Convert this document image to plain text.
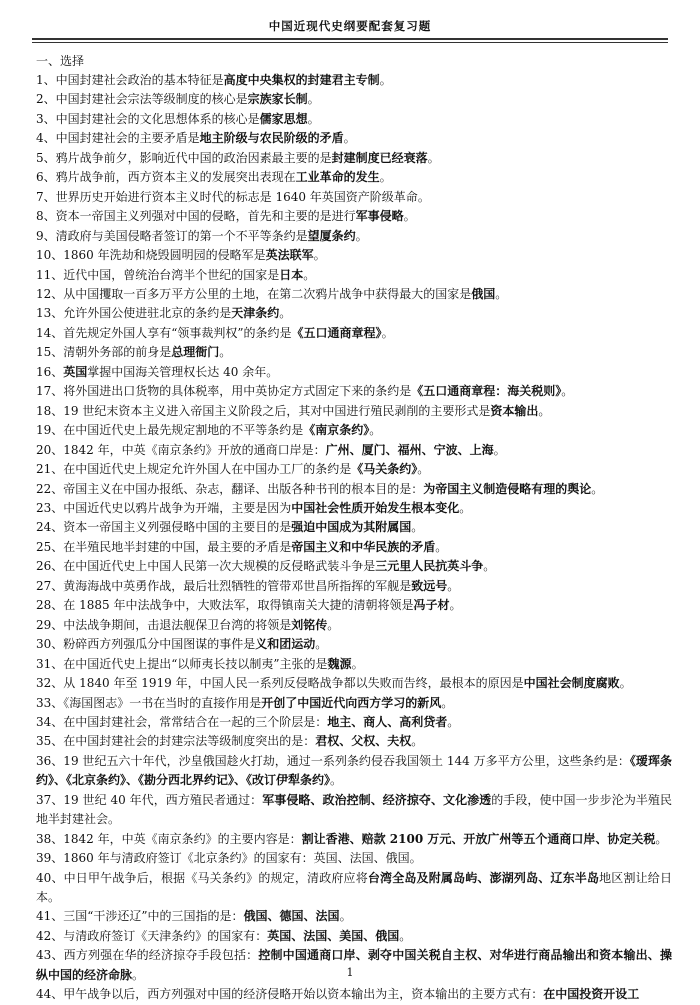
中国近现代史纲要配套复习题
一、选择
1、中国封建社会政治的基本特征是高度中央集权的封建君主专制。
2、中国封建社会宗法等级制度的核心是宗族家长制。
3、中国封建社会的文化思想体系的核心是儒家思想。
4、中国封建社会的主要矛盾是地主阶级与农民阶级的矛盾。
5、鸦片战争前夕，影响近代中国的政治因素最主要的是封建制度已经衰落。
6、鸦片战争前，西方资本主义的发展突出表现在工业革命的发生。
7、世界历史开始进行资本主义时代的标志是 1640 年英国资产阶级革命。
8、资本一帝国主义列强对中国的侵略，首先和主要的是进行军事侵略。
9、清政府与美国侵略者签订的第一个不平等条约是望厦条约。
10、1860 年洗劫和烧毁圆明园的侵略军是英法联军。
11、近代中国，曾统治台湾半个世纪的国家是日本。
12、从中国攫取一百多万平方公里的土地，在第二次鸦片战争中获得最大的国家是俄国。
13、允许外国公使进驻北京的条约是天津条约。
14、首先规定外国人享有“领事裁判权”的条约是《五口通商章程》。
15、清朝外务部的前身是总理衙门。
16、英国掌握中国海关管理权长达 40 余年。
17、将外国进出口货物的具体税率，用中英协定方式固定下来的条约是《五口通商章程：海关税则》。
18、19 世纪末资本主义进入帝国主义阶段之后，其对中国进行殖民剥削的主要形式是资本输出。
19、在中国近代史上最先规定割地的不平等条约是《南京条约》。
20、1842 年，中英《南京条约》开放的通商口岸是：广州、厦门、福州、宁波、上海。
21、在中国近代史上规定允许外国人在中国办工厂的条约是《马关条约》。
22、帝国主义在中国办报纸、杂志，翻译、出版各种书刊的根本目的是：为帝国主义制造侵略有理的舆论。
23、中国近代史以鸦片战争为开端，主要是因为中国社会性质开始发生根本变化。
24、资本一帝国主义列强侵略中国的主要目的是强迫中国成为其附属国。
25、在半殖民地半封建的中国，最主要的矛盾是帝国主义和中华民族的矛盾。
26、在中国近代史上中国人民第一次大规模的反侵略武装斗争是三元里人民抗英斗争。
27、黄海海战中英勇作战，最后壮烈牺牲的管带邓世昌所指挥的军舰是致远号。
28、在 1885 年中法战争中，大败法军，取得镇南关大捷的清朝将领是冯子材。
29、中法战争期间，击退法舰保卫台湾的将领是刘铭传。
30、粉碎西方列强瓜分中国图谋的事件是义和团运动。
31、在中国近代史上提出“以师夷长技以制夷”主张的是魏源。
32、从 1840 年至 1919 年，中国人民一系列反侵略战争都以失败而告终，最根本的原因是中国社会制度腐败。
33、《海国图志》一书在当时的直接作用是开创了中国近代向西方学习的新风。
34、在中国封建社会，常常结合在一起的三个阶层是：地主、商人、高利贷者。
35、在中国封建社会的封建宗法等级制度突出的是：君权、父权、夫权。
36、19 世纪五六十年代，沙皇俄国趁火打劫，通过一系列条约侵吞我国领土 144 万多平方公里，这些条约是：《瑷珲条约》、《北京条约》、《勘分西北界约记》、《改订伊犁条约》。
37、19 世纪 40 年代，西方殖民者通过：军事侵略、政治控制、经济掠夺、文化渗透的手段，使中国一步步沦为半殖民地半封建社会。
38、1842 年，中英《南京条约》的主要内容是：割让香港、赔款 2100 万元、开放广州等五个通商口岸、协定关税。
39、1860 年与清政府签订《北京条约》的国家有：英国、法国、俄国。
40、中日甲午战争后，根据《马关条约》的规定，清政府应将台湾全岛及附属岛屿、澎湖列岛、辽东半岛地区割让给日本。
41、三国“干涉还辽”中的三国指的是：俄国、德国、法国。
42、与清政府签订《天津条约》的国家有：英国、法国、美国、俄国。
43、西方列强在华的经济掠夺手段包括：控制中国通商口岸、剥夺中国关税自主权、对华进行商品输出和资本输出、操纵中国的经济命脉。
44、甲午战争以后，西方列强对中国的经济侵略开始以资本输出为主，资本输出的主要方式有：在中国投资开设工
1
